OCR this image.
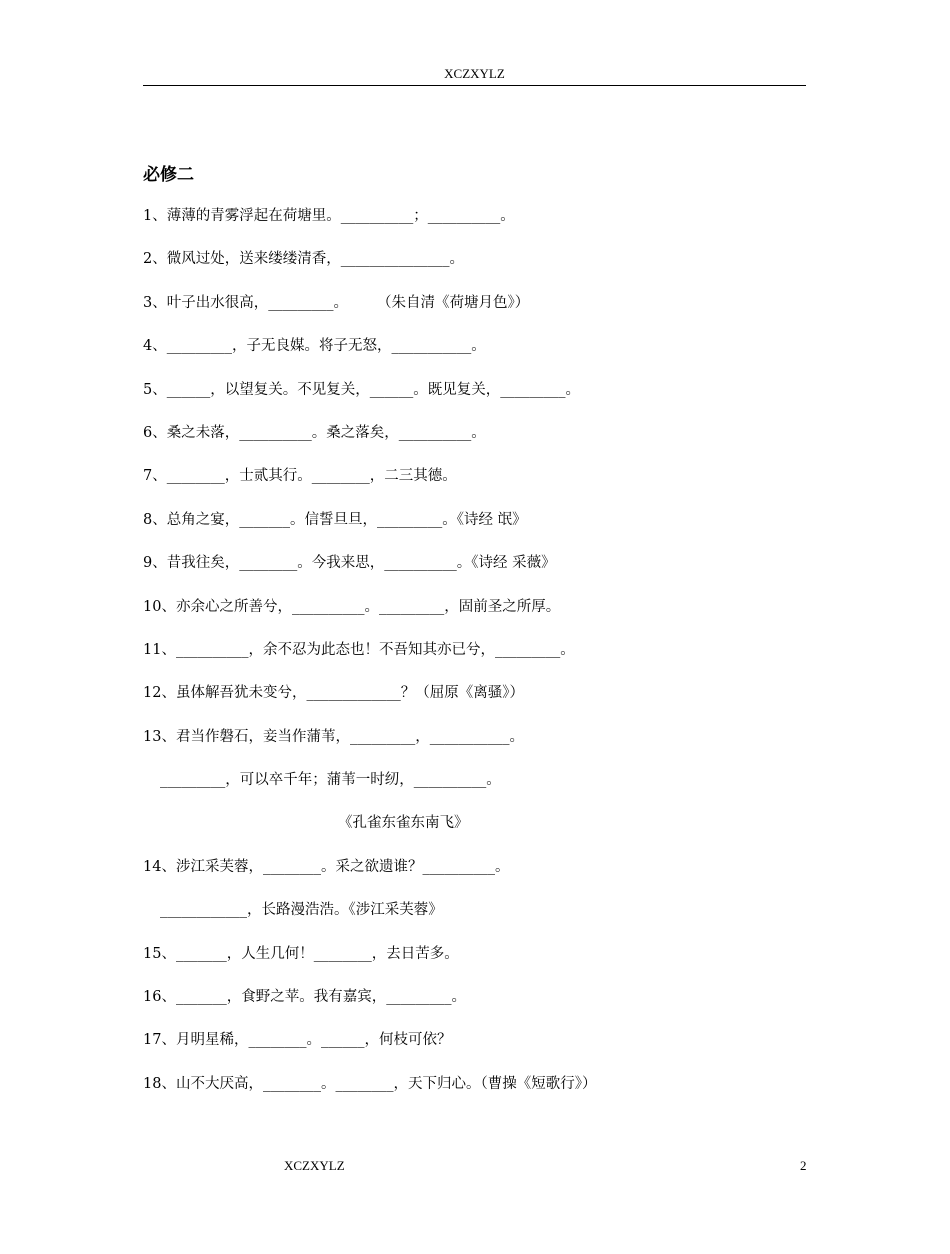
XCZXYLZ
必修二
1、薄薄的青雾浮起在荷塘里。__________；__________。
2、微风过处，送来缕缕清香，_______________。
3、叶子出水很高，_________。　　　（朱自清《荷塘月色》）
4、_________，子无良媒。将子无怒，___________。
5、______，以望复关。不见复关，______。既见复关，_________。
6、桑之未落，__________。桑之落矣，__________。
7、________，士贰其行。________，二三其德。
8、总角之宴，_______。信誓旦旦，_________。《诗经 氓》
9、昔我往矣，________。今我来思，__________。《诗经 采薇》
10、亦余心之所善兮，__________。_________，固前圣之所厚。
11、__________，余不忍为此态也！不吾知其亦已兮，_________。
12、虽体解吾犹未变兮，_____________？（屈原《离骚》）
13、君当作磐石，妾当作蒲苇，_________，___________。
_________，可以卒千年；蒲苇一时纫，__________。
《孔雀东雀东南飞》
14、涉江采芙蓉，________。采之欲遗谁？__________。
____________，长路漫浩浩。《涉江采芙蓉》
15、_______，人生几何！________，去日苦多。
16、_______，食野之苹。我有嘉宾，_________。
17、月明星稀，________。______，何枝可依？
18、山不大厌高，________。________，天下归心。（曹操《短歌行》）
XCZXYLZ	2
